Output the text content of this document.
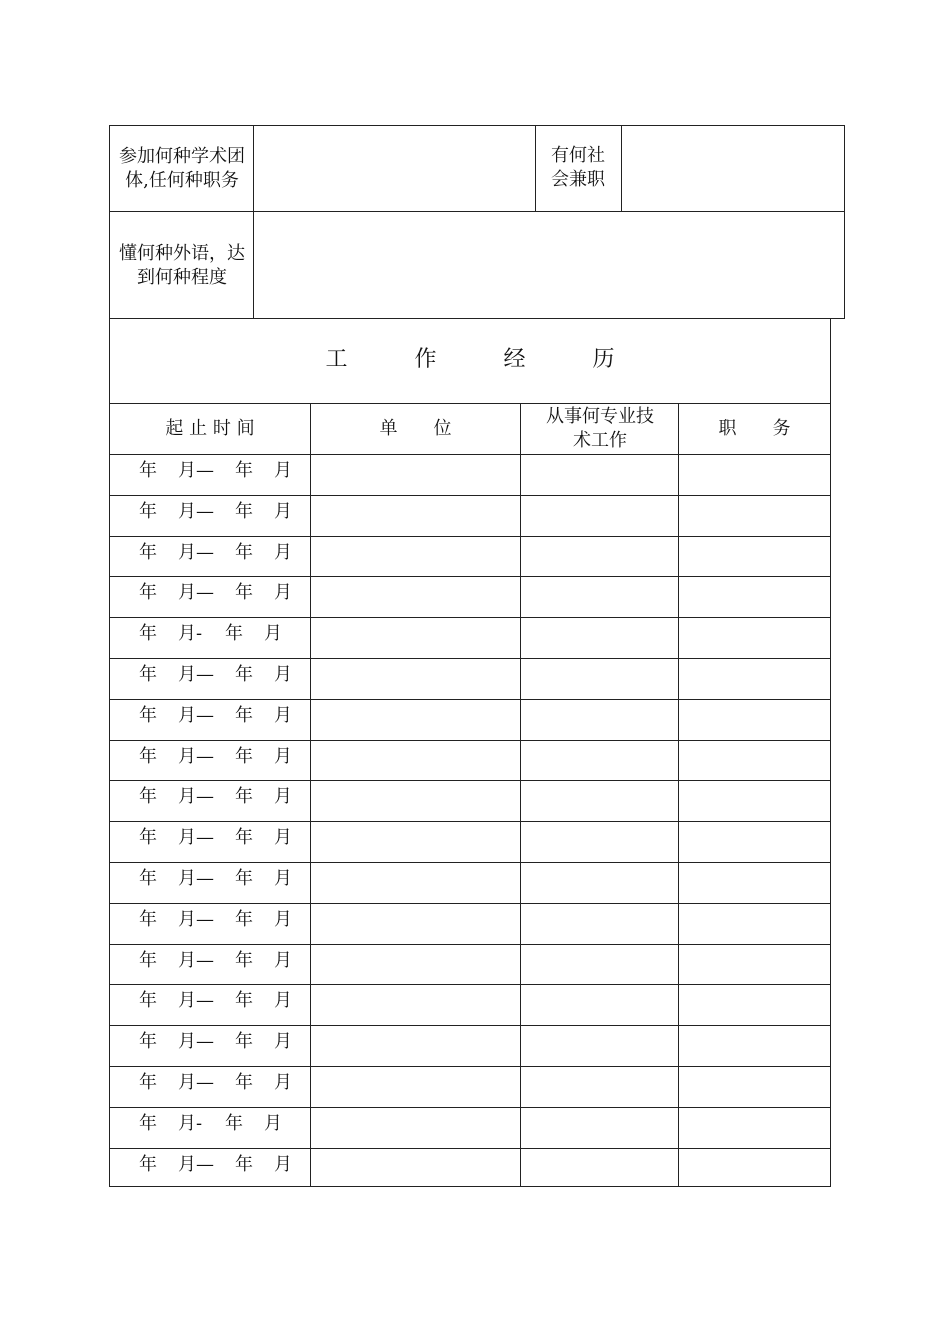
参加何种学术团体,任何种职务
有何社会兼职
懂何种外语，达到何种程度
工 作 经 历
起 止 时 间	单　　位
从事何专业技术工作
职　　务
年 月— 年 月
年 月— 年 月
年 月— 年 月
年 月— 年 月
年 月- 年 月
年 月— 年 月
年 月— 年 月
年 月— 年 月
年 月— 年 月
年 月— 年 月
年 月— 年 月
年 月— 年 月
年 月— 年 月
年 月— 年 月
年 月— 年 月
年 月— 年 月
年 月- 年 月
年 月— 年 月
